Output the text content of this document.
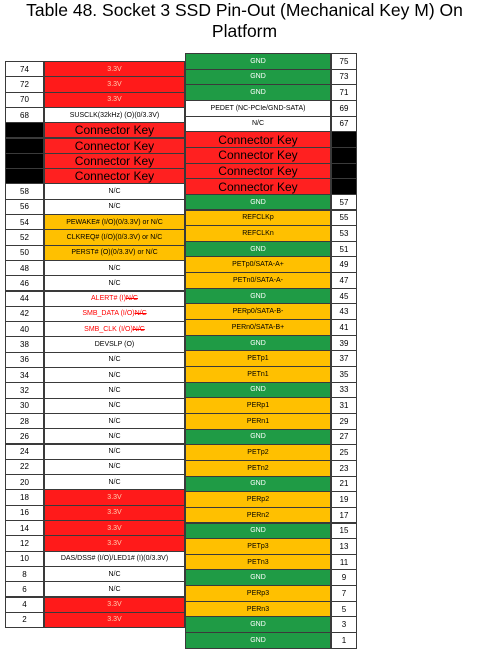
Table 48. Socket 3 SSD Pin-Out (Mechanical Key M) On
Platform
74	3.3V
72	3.3V
70	3.3V
68	SUSCLK(32kHz) (O)(0/3.3V)
Connector Key
Connector Key
Connector Key
Connector Key
58	N/C
56	N/C
54	PEWAKE# (I/O)(0/3.3V) or N/C
52	CLKREQ# (I/O)(0/3.3V) or N/C
50	PERST# (O)(0/3.3V) or N/C
48	N/C
46	N/C
44	ALERT# (I) N/C
42	SMB_DATA (I/O) N/C
40	SMB_CLK (I/O) N/C
38	DEVSLP (O)
36	N/C
34	N/C
32	N/C
30	N/C
28	N/C
26	N/C
24	N/C
22	N/C
20	N/C
18	3.3V
16	3.3V
14	3.3V
12	3.3V
10	DAS/DSS# (I/O)/LED1# (I)(0/3.3V)
8	N/C
6	N/C
4	3.3V
2	3.3V
GND	75
GND	73
GND	71
PEDET (NC-PCIe/GND-SATA)	69
N/C	67
Connector Key
Connector Key
Connector Key
Connector Key
GND	57
REFCLKp	55
REFCLKn	53
GND	51
PETp0/SATA-A+	49
PETn0/SATA-A-	47
GND	45
PERp0/SATA-B-	43
PERn0/SATA-B+	41
GND	39
PETp1	37
PETn1	35
GND	33
PERp1	31
PERn1	29
GND	27
PETp2	25
PETn2	23
GND	21
PERp2	19
PERn2	17
GND	15
PETp3	13
PETn3	11
GND	9
PERp3	7
PERn3	5
GND	3
GND	1
